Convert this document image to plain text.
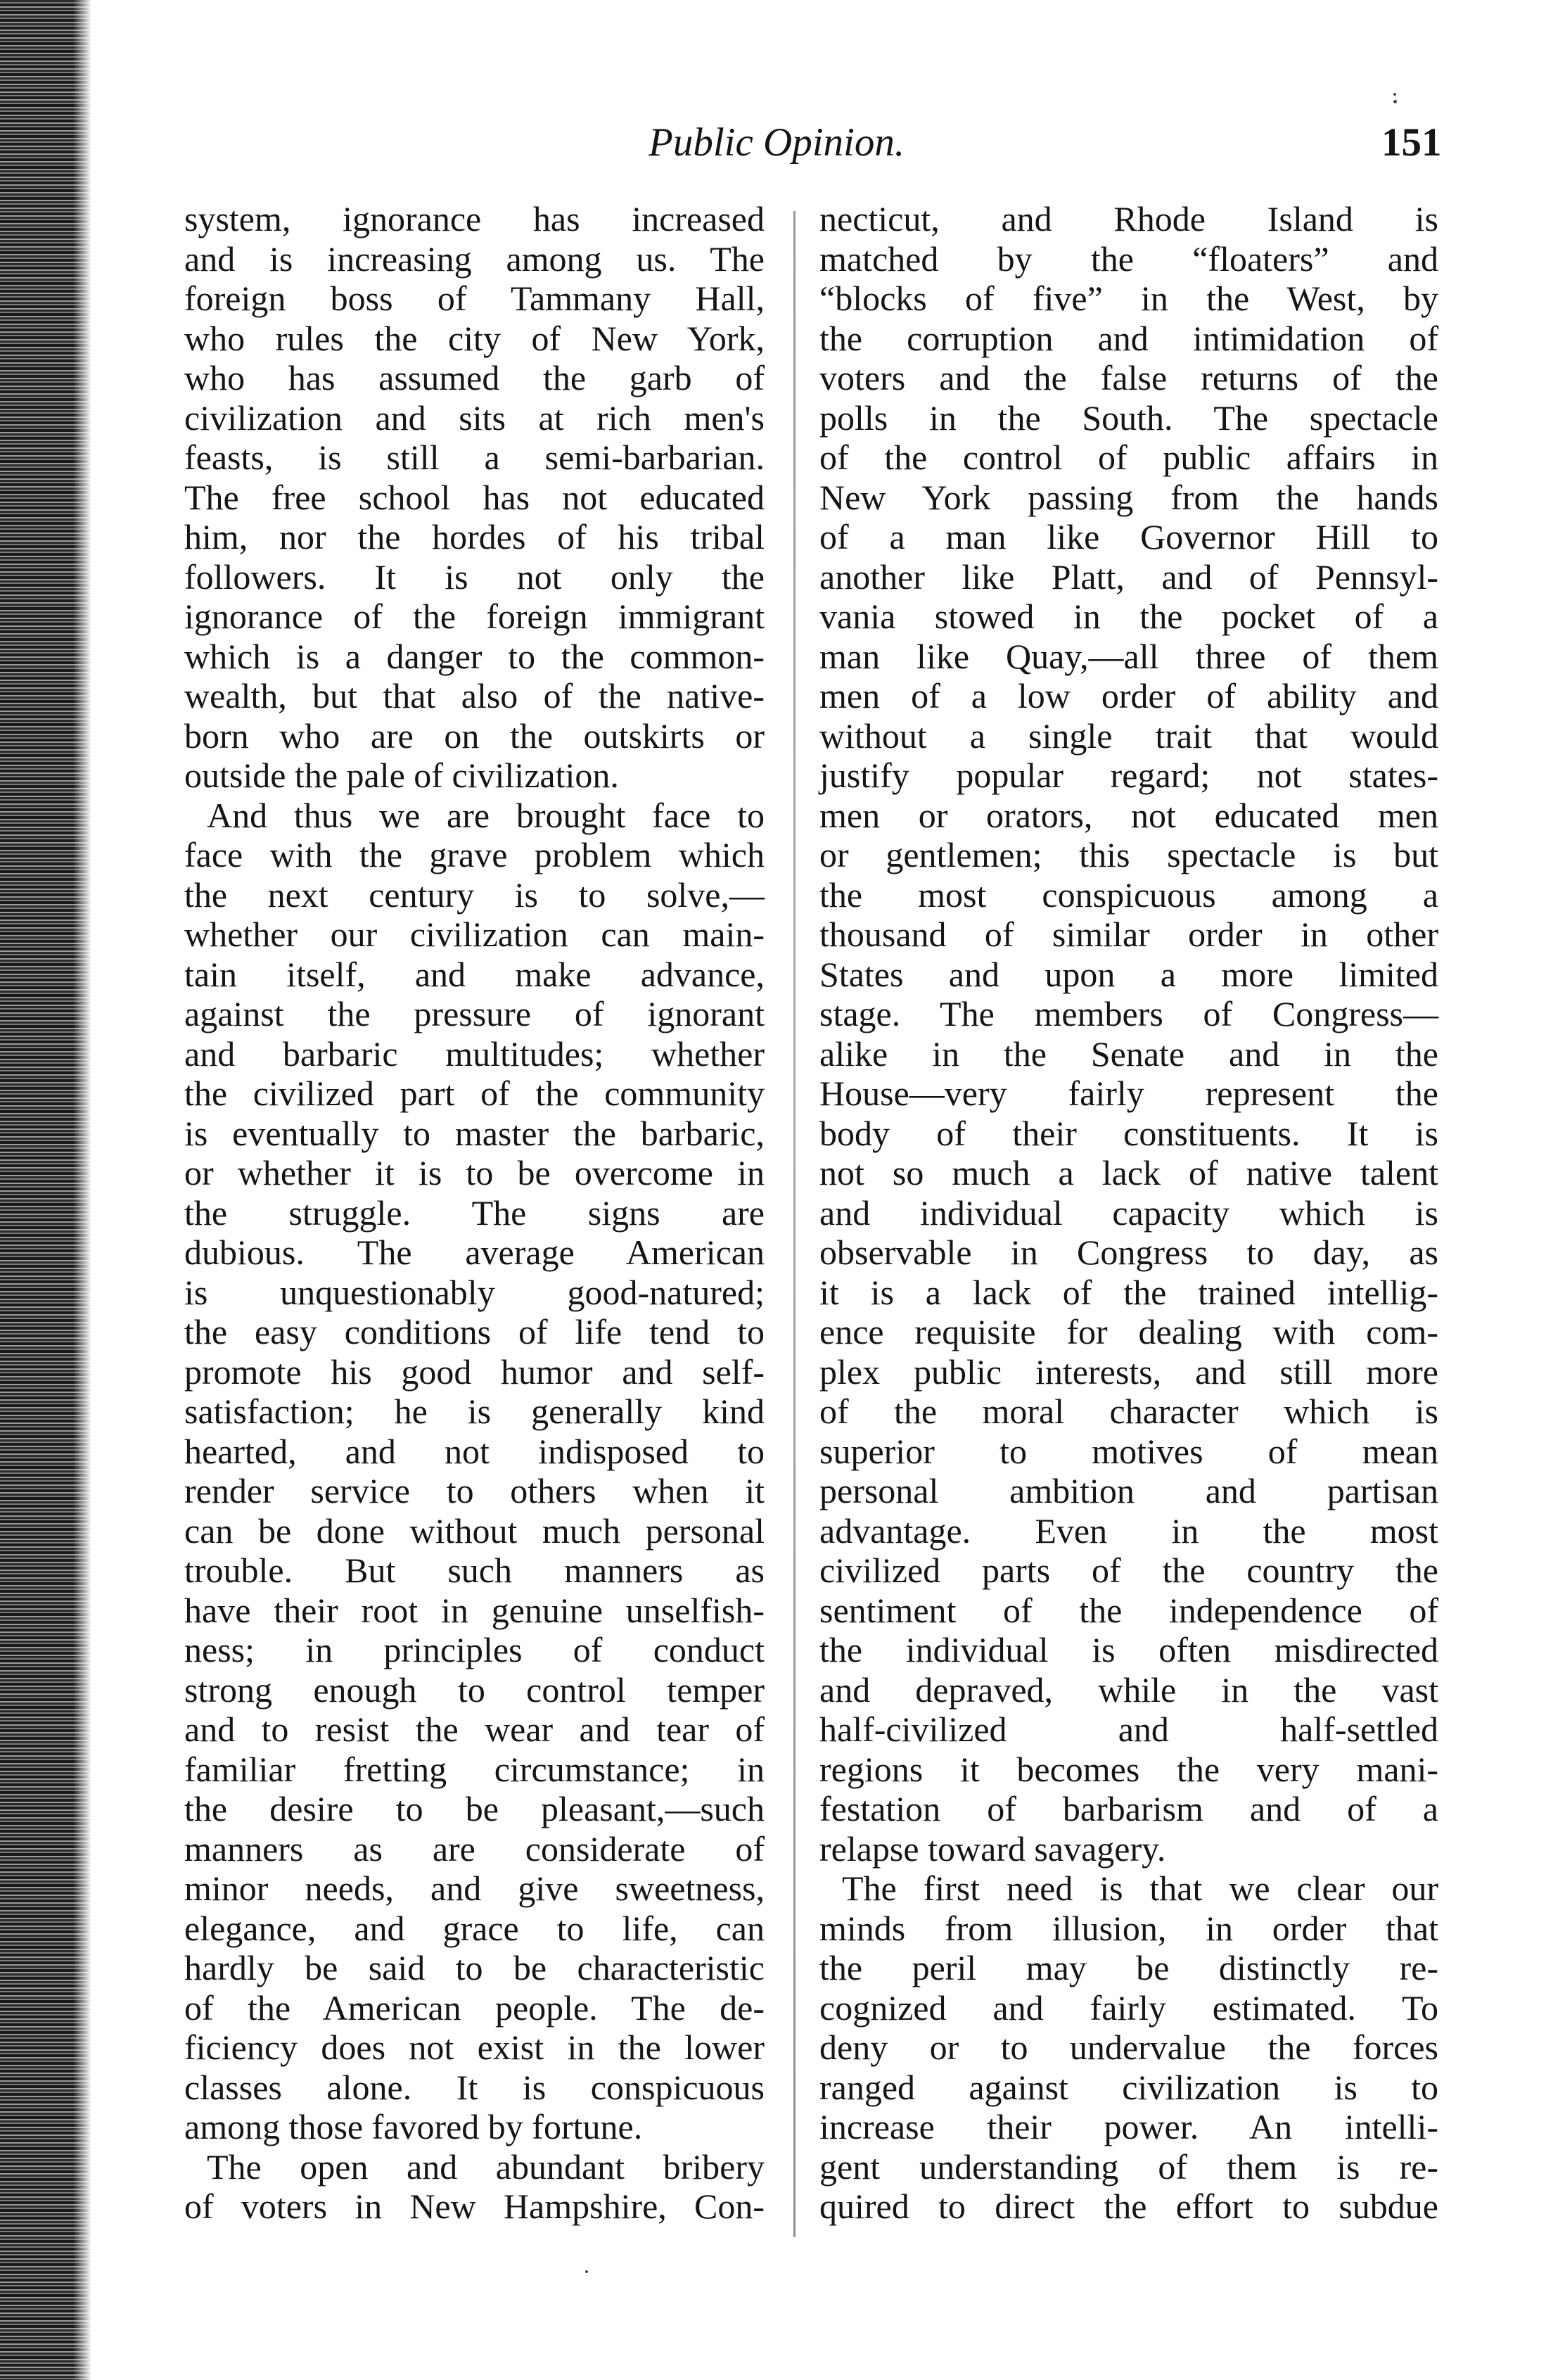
Public Opinion.	151
system, ignorance has increased
and is increasing among us. The
foreign boss of Tammany Hall,
who rules the city of New York,
who has assumed the garb of
civilization and sits at rich men's
feasts, is still a semi-barbarian.
The free school has not educated
him, nor the hordes of his tribal
followers. It is not only the
ignorance of the foreign immigrant
which is a danger to the common-
wealth, but that also of the native-
born who are on the outskirts or
outside the pale of civilization.
And thus we are brought face to
face with the grave problem which
the next century is to solve,—
whether our civilization can main-
tain itself, and make advance,
against the pressure of ignorant
and barbaric multitudes; whether
the civilized part of the community
is eventually to master the barbaric,
or whether it is to be overcome in
the struggle. The signs are
dubious. The average American
is unquestionably good-natured;
the easy conditions of life tend to
promote his good humor and self-
satisfaction; he is generally kind
hearted, and not indisposed to
render service to others when it
can be done without much personal
trouble. But such manners as
have their root in genuine unselfish-
ness; in principles of conduct
strong enough to control temper
and to resist the wear and tear of
familiar fretting circumstance; in
the desire to be pleasant,—such
manners as are considerate of
minor needs, and give sweetness,
elegance, and grace to life, can
hardly be said to be characteristic
of the American people. The de-
ficiency does not exist in the lower
classes alone. It is conspicuous
among those favored by fortune.
The open and abundant bribery
of voters in New Hampshire, Con-
necticut, and Rhode Island is
matched by the “floaters” and
“blocks of five” in the West, by
the corruption and intimidation of
voters and the false returns of the
polls in the South. The spectacle
of the control of public affairs in
New York passing from the hands
of a man like Governor Hill to
another like Platt, and of Pennsyl-
vania stowed in the pocket of a
man like Quay,—all three of them
men of a low order of ability and
without a single trait that would
justify popular regard; not states-
men or orators, not educated men
or gentlemen; this spectacle is but
the most conspicuous among a
thousand of similar order in other
States and upon a more limited
stage. The members of Congress—
alike in the Senate and in the
House—very fairly represent the
body of their constituents. It is
not so much a lack of native talent
and individual capacity which is
observable in Congress to day, as
it is a lack of the trained intellig-
ence requisite for dealing with com-
plex public interests, and still more
of the moral character which is
superior to motives of mean
personal ambition and partisan
advantage. Even in the most
civilized parts of the country the
sentiment of the independence of
the individual is often misdirected
and depraved, while in the vast
half-civilized and half-settled
regions it becomes the very mani-
festation of barbarism and of a
relapse toward savagery.
The first need is that we clear our
minds from illusion, in order that
the peril may be distinctly re-
cognized and fairly estimated. To
deny or to undervalue the forces
ranged against civilization is to
increase their power. An intelli-
gent understanding of them is re-
quired to direct the effort to subdue
